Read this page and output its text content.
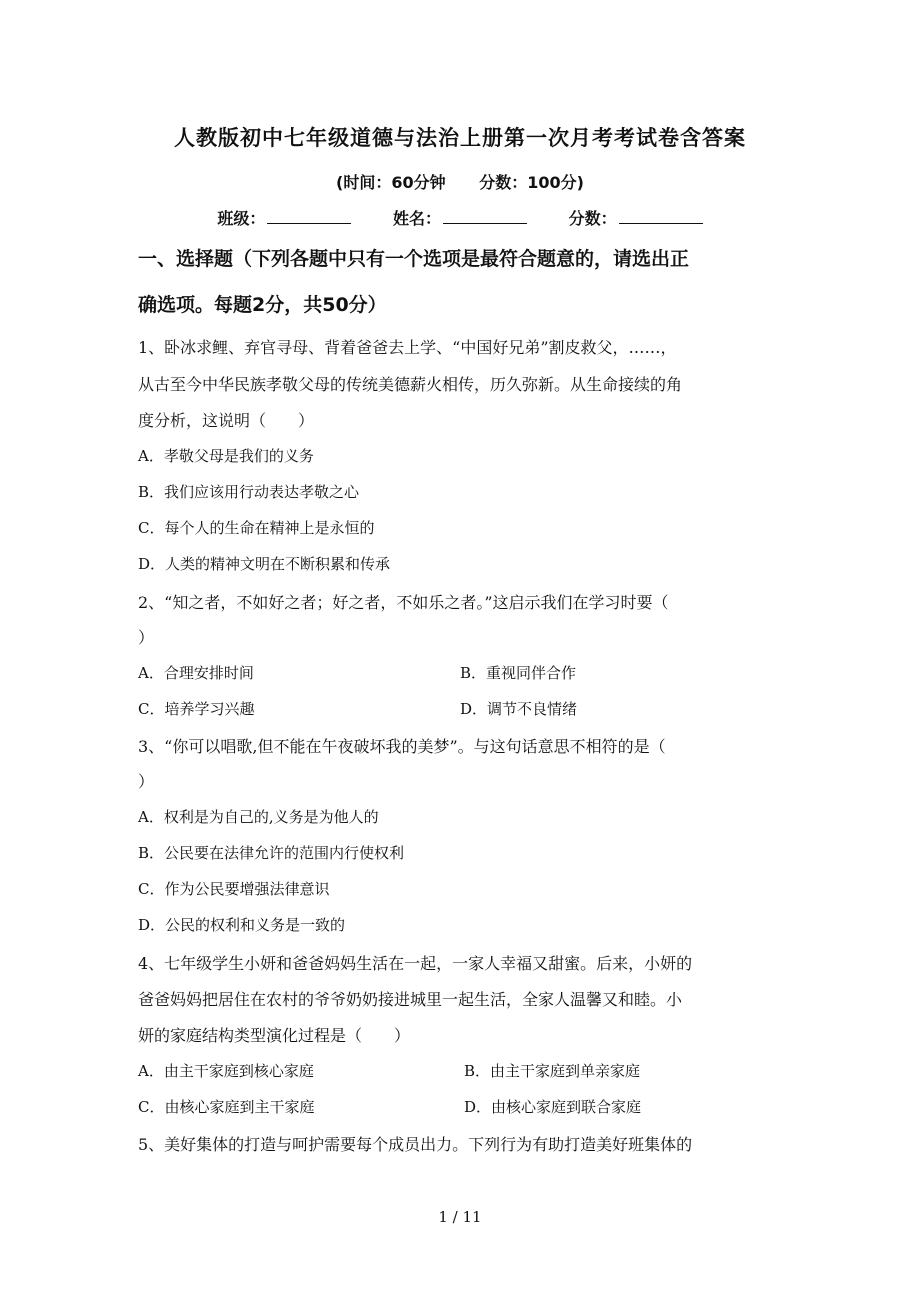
人教版初中七年级道德与法治上册第一次月考考试卷含答案
(时间：60分钟 分数：100分)
班级：	姓名：	分数：
一、选择题（下列各题中只有一个选项是最符合题意的，请选出正
确选项。每题2分，共50分）
1、卧冰求鲤、弃官寻母、背着爸爸去上学、“中国好兄弟”割皮救父，……，
从古至今中华民族孝敬父母的传统美德薪火相传，历久弥新。从生命接续的角
度分析，这说明（　　）
A．孝敬父母是我们的义务
B．我们应该用行动表达孝敬之心
C．每个人的生命在精神上是永恒的
D．人类的精神文明在不断积累和传承
2、“知之者，不如好之者；好之者，不如乐之者。”这启示我们在学习时要（
）
A．合理安排时间	B．重视同伴合作
C．培养学习兴趣	D．调节不良情绪
3、“你可以唱歌,但不能在午夜破坏我的美梦”。与这句话意思不相符的是（
）
A．权利是为自己的,义务是为他人的
B．公民要在法律允许的范围内行使权利
C．作为公民要增强法律意识
D．公民的权利和义务是一致的
4、七年级学生小妍和爸爸妈妈生活在一起，一家人幸福又甜蜜。后来，小妍的
爸爸妈妈把居住在农村的爷爷奶奶接进城里一起生活，全家人温馨又和睦。小
妍的家庭结构类型演化过程是（　　）
A．由主干家庭到核心家庭	B．由主干家庭到单亲家庭
C．由核心家庭到主干家庭	D．由核心家庭到联合家庭
5、美好集体的打造与呵护需要每个成员出力。下列行为有助打造美好班集体的
1 / 11
